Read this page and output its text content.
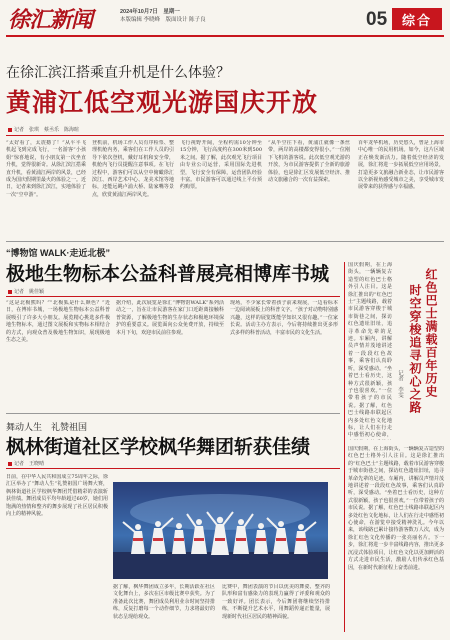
徐汇新闻	2024年10月7日　星期一
本版编辑 李晓峰　版面设计 陈子良	05	综合
在徐汇滨江搭乘直升机是什么体验？
黄浦江低空观光游国庆开放
记者　张琪　蔡丞乐　陈海暄
“太好看了，太震撼了！”从平平飞机起飞到完成飞行，一名游客“小孩姐”惊喜地说，有小朋友第一次坐直升机，觉得很新奇。从徐汇滨江搭乘直升机，看黄浦江两岸的风景，已经成为国庆假期里最火的体验之一。近日，记者来到徐汇滨江，实地体验了一次“空中游”。
登机前，机场工作人员有序检票、整理机舱内务，乘客们在工作人员的引导下依次登机，戴好耳机和安全带，机舱内飞行员提醒注意事项。在飞行过程中，游客们可以从空中俯瞰徐汇滨江、西岸艺术中心、龙美术馆等地标，还能远眺卢浦大桥、陆家嘴等景点，欣赏黄浦江两岸风光。
飞行视野开阔，全程约需10分钟至15分钟，飞行高度约在300米到500米之间。据了解，此次观光飞行项目由专业公司运营，采用国际先进机型，飞行安全有保障，运营团队经验丰富。市民游客可以通过线上平台预约购票。
“从半空往下看，黄浦江就像一条丝带，两岸的高楼都变得很小。”一位刚下飞机的游客说。此次低空观光游的开放，为市民游客提供了全新的旅游体验，也是徐汇区发展低空经济、推动文旅融合的一次有益探索。
百年龙华机场，历史悠久，曾是上海市中心唯一的民用机场。如今，这片区域正在焕发新活力。随着低空经济的发展，徐汇将进一步拓展低空应用场景，打造更多文旅融合新业态，让市民游客以全新视角感受城市之美，享受城市发展带来的获得感与幸福感。
“博物馆 WALK·走近北极”
极地生物标本公益科普展亮相博库书城
记者　姚佳颖
“这是北极熊吗？”“北极狐是什么颜色？”近日，在博库书城，一场极地生物标本公益科普展吸引了许多大小朋友。展览精心挑选多件极地生物标本，通过图文展板和实物标本相结合的方式，向观众普及极地生物知识，展现极地生态之美。
据介绍，此次展览是徐汇“博物馆WALK”系列活动之一，旨在让市民游客在家门口近距离接触科普资源，了解极地生物的生存状态和极地环境保护的重要意义。展览面向公众免费开放，持续至本月下旬，欢迎市民前往参观。
现场，不少家长带着孩子前来观展，一边看标本一边阅读展板上的科普文字。“孩子对动物特别感兴趣，这样的展览既能学知识又很有趣。”一位家长说。活动主办方表示，今后将持续推出更多形式多样的科普活动，丰富市民的文化生活。
舞动人生　礼赞祖国
枫林街道社区学校枫华舞团斩获佳绩
记者　王晓晴
日前，在中华人民共和国成立75周年之际，徐汇区举办了“舞动人生”礼赞祖国广场舞大赛，枫林街道社区学校枫华舞团凭借精彩的表演斩获佳绩。舞团成员平均年龄超过60岁，她们用饱满的热情和整齐的舞步展现了社区居民积极向上的精神风貌。
据了解，枫华舞团成立多年，长期活跃在社区文化舞台上，多次在区市级比赛中获奖。为了准备此次比赛，舞团成员利用业余时间坚持排练，反复打磨每一个动作细节，力求将最好的状态呈现给观众。
比赛中，舞团表演的节目以优美的舞姿、整齐的队形和富有感染力的表现力赢得了评委和观众的一致好评。团长表示，今后舞团将继续坚持排练，不断提升艺术水平，用舞蹈传递正能量，展现新时代社区居民的精神面貌。
红色巴士满载百年历史
时空穿梭追寻初心之路
记者　李雯
国庆假期，在上海街头，一辆辆复古造型的红色巴士格外引人注目。这是徐汇推出的“红色巴士”主题线路，载着市民游客穿梭于城市街巷之间，探访红色遗址旧址，追寻革命先辈的足迹。车厢内，讲解员声情并茂地讲述着一段段红色故事，乘客们认真聆听，深受感动。“坐着巴士看历史，这种方式很新颖，孩子也很喜欢。”一位带着孩子的市民说。据了解，红色巴士线路串联起区内多处红色文化地标，让人们在行走中感悟初心使命，
国庆假期，在上海街头，一辆辆复古造型的红色巴士格外引人注目。这是徐汇推出的“红色巴士”主题线路，载着市民游客穿梭于城市街巷之间，探访红色遗址旧址，追寻革命先辈的足迹。车厢内，讲解员声情并茂地讲述着一段段红色故事，乘客们认真聆听，深受感动。“坐着巴士看历史，这种方式很新颖，孩子也很喜欢。”一位带着孩子的市民说。据了解，红色巴士线路串联起区内多处红色文化地标，让人们在行走中感悟初心使命，在游览中接受精神洗礼。今年以来，该线路已累计接待游客数万人次，成为徐汇红色文化传播的一张亮丽名片。下一步，徐汇将进一步丰富线路内容，推出更多沉浸式体验项目，让红色文化以更加鲜活的方式走进市民生活，激励人们传承红色基因，在新时代新征程上奋勇前进。
